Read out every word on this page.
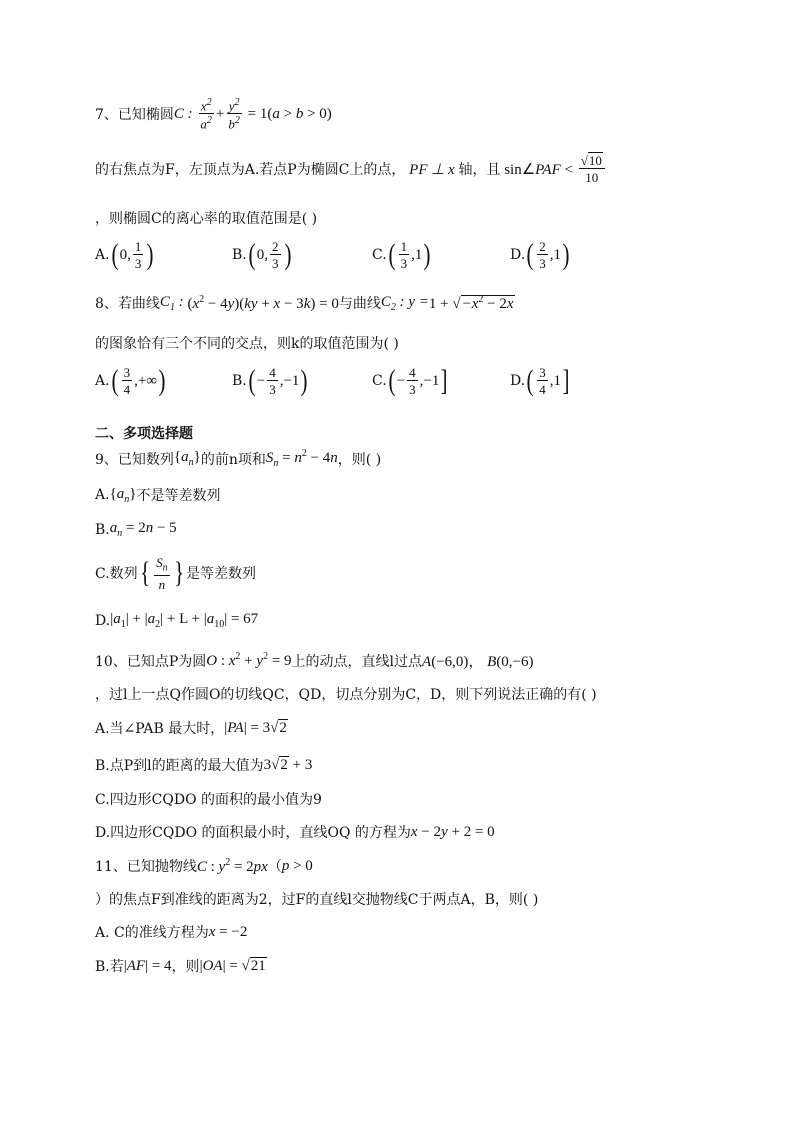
7、已知椭圆 C : $\frac{x^2}{a^2} + \frac{y^2}{b^2} = 1(a > b > 0)$
的右焦点为F，左顶点为A.若点P为椭圆C上的点， PF ⊥ x 轴，且 sin∠PAF < $\frac{√10}{10}$
，则椭圆C的离心率的取值范围是( )
A. ( 0, $\frac{1}{3}$ )	B. ( 0, $\frac{2}{3}$ )	C. ( $\frac{1}{3} ,1$ )	D. ( $\frac{2}{3} ,1$ )
8、若曲线 $C_1$ : $(x^2 - 4y)(ky + x - 3k) = 0$ 与曲线 $C_2$ : $y = 1 + √-x^2 - 2x$
的图象恰有三个不同的交点，则k的取值范围为( )
A. ( $\frac{3}{4}$ ,+∞ )	B. ( − $\frac{4}{3} ,-1$ )	C. ( − $\frac{4}{3} ,-1$ ]	D. ( $\frac{3}{4} ,1$ ]
二、多项选择题
9、已知数列 $\{a_n\}$ 的前n项和 $S_n = n^2 - 4n$ ，则( )
A. $\{a_n\}$ 不是等差数列
B. $a_n = 2n - 5$
C.数列 { $\frac{S_n}{n}$ } 是等差数列
D. $|a_1| + |a_2| + L + |a_{10}| = 67$
10、已知点P为圆 O : $x^2 + y^2 = 9$ 上的动点，直线l过点 A(−6,0)， B(0,−6)
，过l上一点Q作圆O的切线QC，QD，切点分别为C，D，则下列说法正确的有( )
A.当∠PAB 最大时， |PA| = 3√2
B.点P到l的距离的最大值为 3√2 + 3
C.四边形CQDO 的面积的最小值为9
D.四边形CQDO 的面积最小时，直线OQ 的方程为 x − 2y + 2 = 0
11、已知抛物线 C : $y^2 = 2px$ （ p > 0
）的焦点F到准线的距离为2，过F的直线l交抛物线C于两点A，B，则( )
A. C的准线方程为 x = −2
B.若 |AF| = 4 ，则 |OA| = √21
